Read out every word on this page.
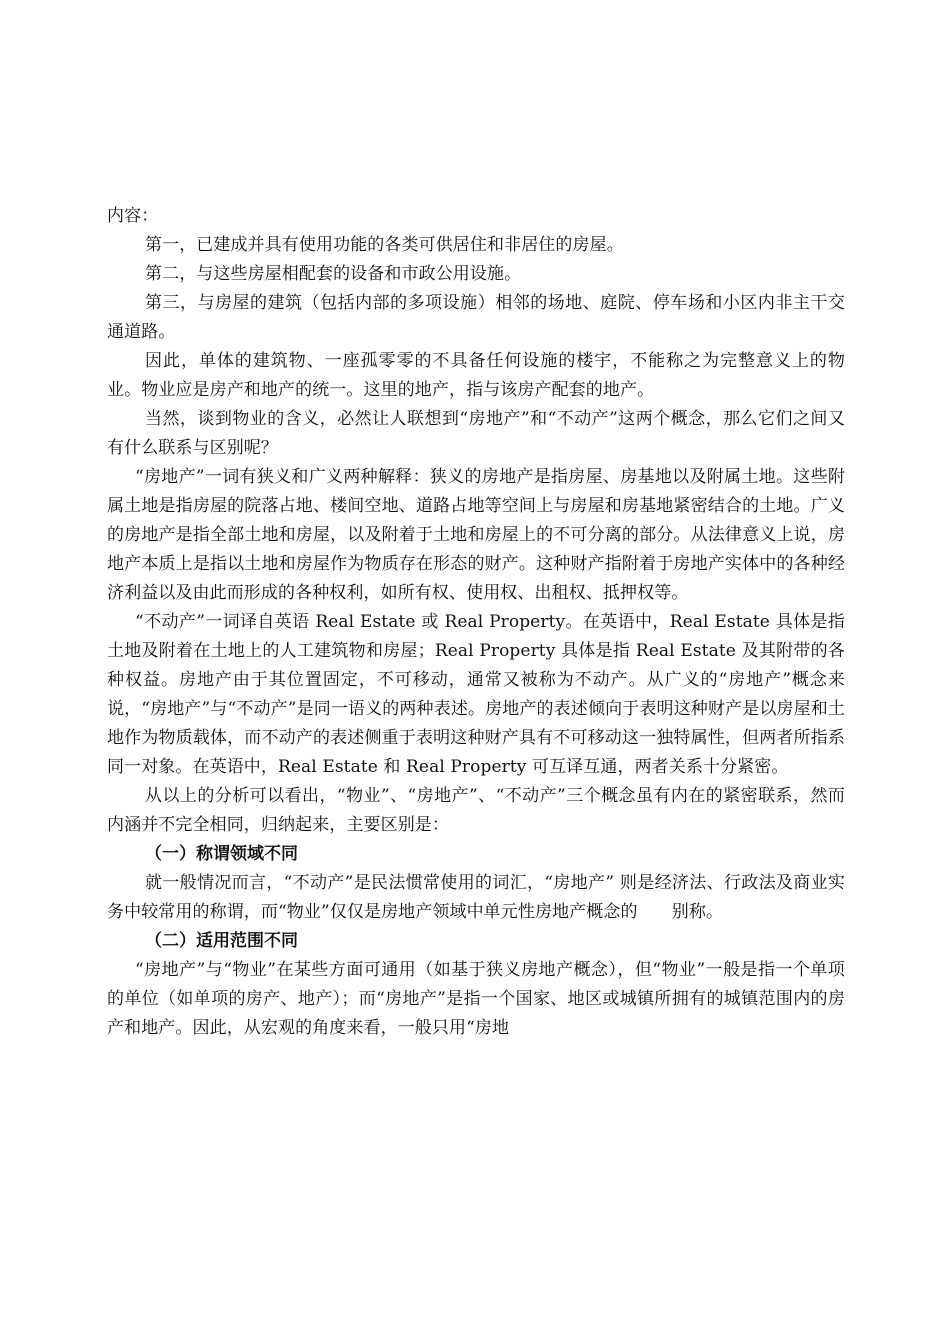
内容：

第一，已建成并具有使用功能的各类可供居住和非居住的房屋。

第二，与这些房屋相配套的设备和市政公用设施。

第三，与房屋的建筑（包括内部的多项设施）相邻的场地、庭院、停车场和小区内非主干交通道路。

因此，单体的建筑物、一座孤零零的不具备任何设施的楼宇，不能称之为完整意义上的物业。物业应是房产和地产的统一。这里的地产，指与该房产配套的地产。

当然，谈到物业的含义，必然让人联想到“房地产”和“不动产”这两个概念，那么它们之间又有什么联系与区别呢？

“房地产”一词有狭义和广义两种解释：狭义的房地产是指房屋、房基地以及附属土地。这些附属土地是指房屋的院落占地、楼间空地、道路占地等空间上与房屋和房基地紧密结合的土地。广义的房地产是指全部土地和房屋，以及附着于土地和房屋上的不可分离的部分。从法律意义上说，房地产本质上是指以土地和房屋作为物质存在形态的财产。这种财产指附着于房地产实体中的各种经济利益以及由此而形成的各种权利，如所有权、使用权、出租权、抵押权等。

“不动产”一词译自英语 Real Estate 或 Real Property。在英语中，Real Estate 具体是指土地及附着在土地上的人工建筑物和房屋；Real Property 具体是指 Real Estate 及其附带的各种权益。房地产由于其位置固定，不可移动，通常又被称为不动产。从广义的“房地产”概念来说，“房地产”与“不动产”是同一语义的两种表述。房地产的表述倾向于表明这种财产是以房屋和土地作为物质载体，而不动产的表述侧重于表明这种财产具有不可移动这一独特属性，但两者所指系同一对象。在英语中，Real Estate 和 Real Property 可互译互通，两者关系十分紧密。

从以上的分析可以看出，“物业”、“房地产”、“不动产”三个概念虽有内在的紧密联系，然而内涵并不完全相同，归纳起来，主要区别是：

（一）称谓领域不同

就一般情况而言，“不动产”是民法惯常使用的词汇，“房地产” 则是经济法、行政法及商业实务中较常用的称谓，而“物业”仅仅是房地产领域中单元性房地产概念的　　别称。

（二）适用范围不同

“房地产”与“物业”在某些方面可通用（如基于狭义房地产概念），但“物业”一般是指一个单项的单位（如单项的房产、地产）；而“房地产”是指一个国家、地区或城镇所拥有的城镇范围内的房产和地产。因此，从宏观的角度来看，一般只用“房地
